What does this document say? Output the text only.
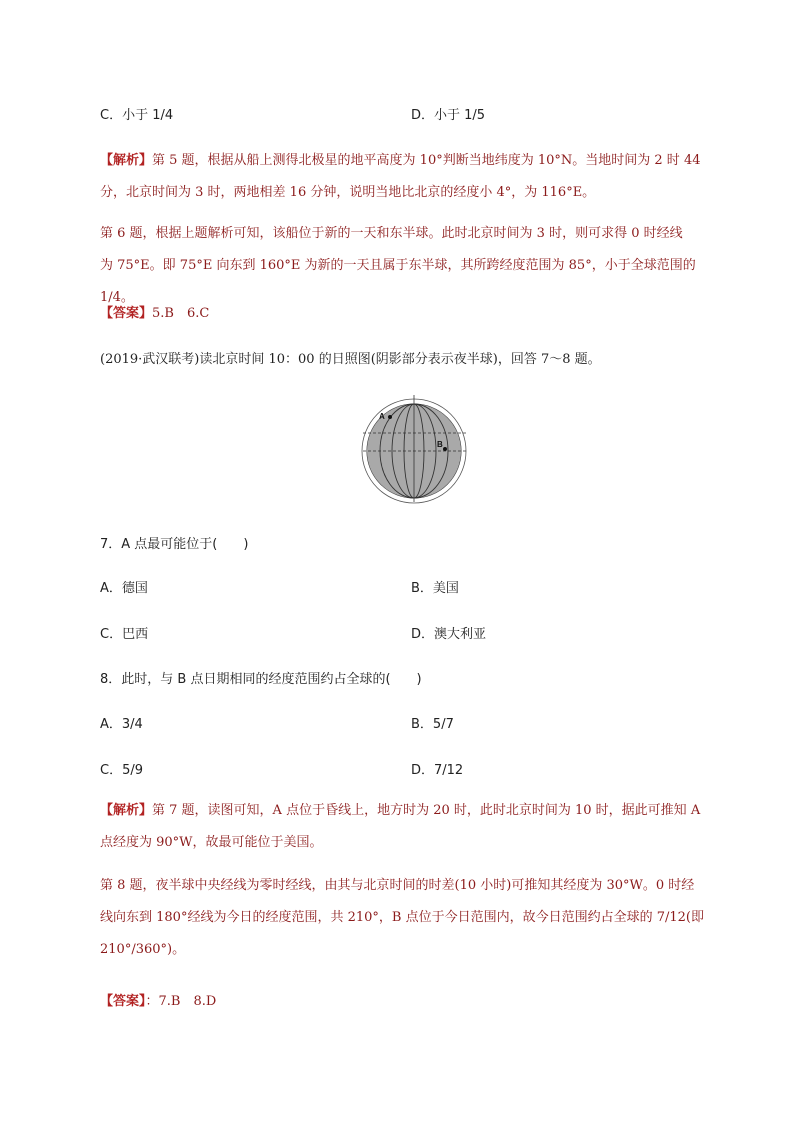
C．小于 1/4	D．小于 1/5
【解析】第 5 题，根据从船上测得北极星的地平高度为 10°判断当地纬度为 10°N。当地时间为 2 时 44
分，北京时间为 3 时，两地相差 16 分钟，说明当地比北京的经度小 4°，为 116°E。
第 6 题，根据上题解析可知，该船位于新的一天和东半球。此时北京时间为 3 时，则可求得 0 时经线
为 75°E。即 75°E 向东到 160°E 为新的一天且属于东半球，其所跨经度范围为 85°，小于全球范围的 1/4。
【答案】5.B　6.C
(2019·武汉联考)读北京时间 10：00 的日照图(阴影部分表示夜半球)，回答 7～8 题。
A
B
7．A 点最可能位于(　　)
A．德国	B．美国
C．巴西	D．澳大利亚
8．此时，与 B 点日期相同的经度范围约占全球的(　　)
A．3/4	B．5/7
C．5/9	D．7/12
【解析】第 7 题，读图可知，A 点位于昏线上，地方时为 20 时，此时北京时间为 10 时，据此可推知 A
点经度为 90°W，故最可能位于美国。
第 8 题，夜半球中央经线为零时经线，由其与北京时间的时差(10 小时)可推知其经度为 30°W。0 时经
线向东到 180°经线为今日的经度范围，共 210°，B 点位于今日范围内，故今日范围约占全球的 7/12(即
210°/360°)。
【答案】：7.B　8.D
